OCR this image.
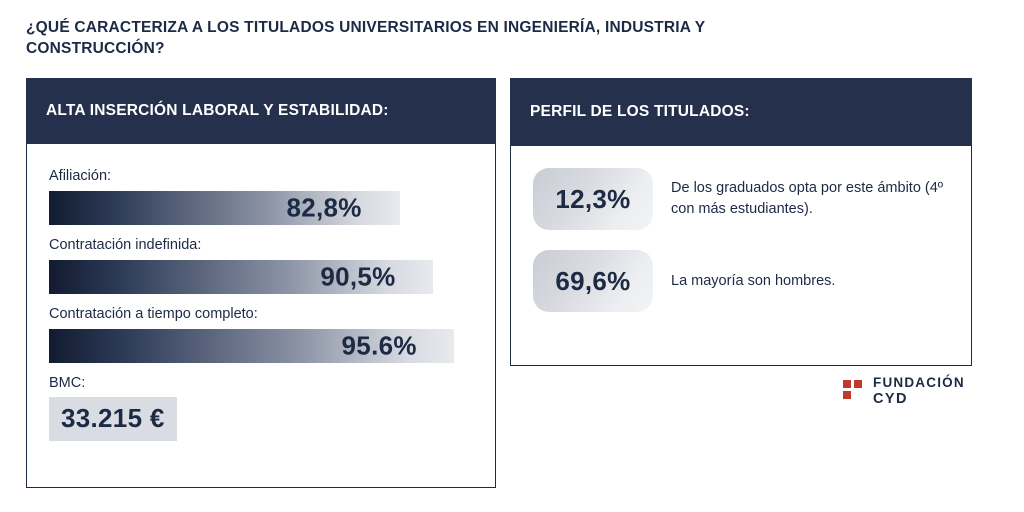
¿QUÉ CARACTERIZA A LOS TITULADOS UNIVERSITARIOS EN INGENIERÍA, INDUSTRIA Y CONSTRUCCIÓN?
ALTA INSERCIÓN LABORAL Y ESTABILIDAD:
Afiliación:
82,8%
Contratación indefinida:
90,5%
Contratación a tiempo completo:
95.6%
BMC:
33.215 €
PERFIL DE LOS TITULADOS:
12,3%	De los graduados opta por este ámbito (4º con más estudiantes).
69,6%	La mayoría son hombres.
FUNDACIÓN
CYD
